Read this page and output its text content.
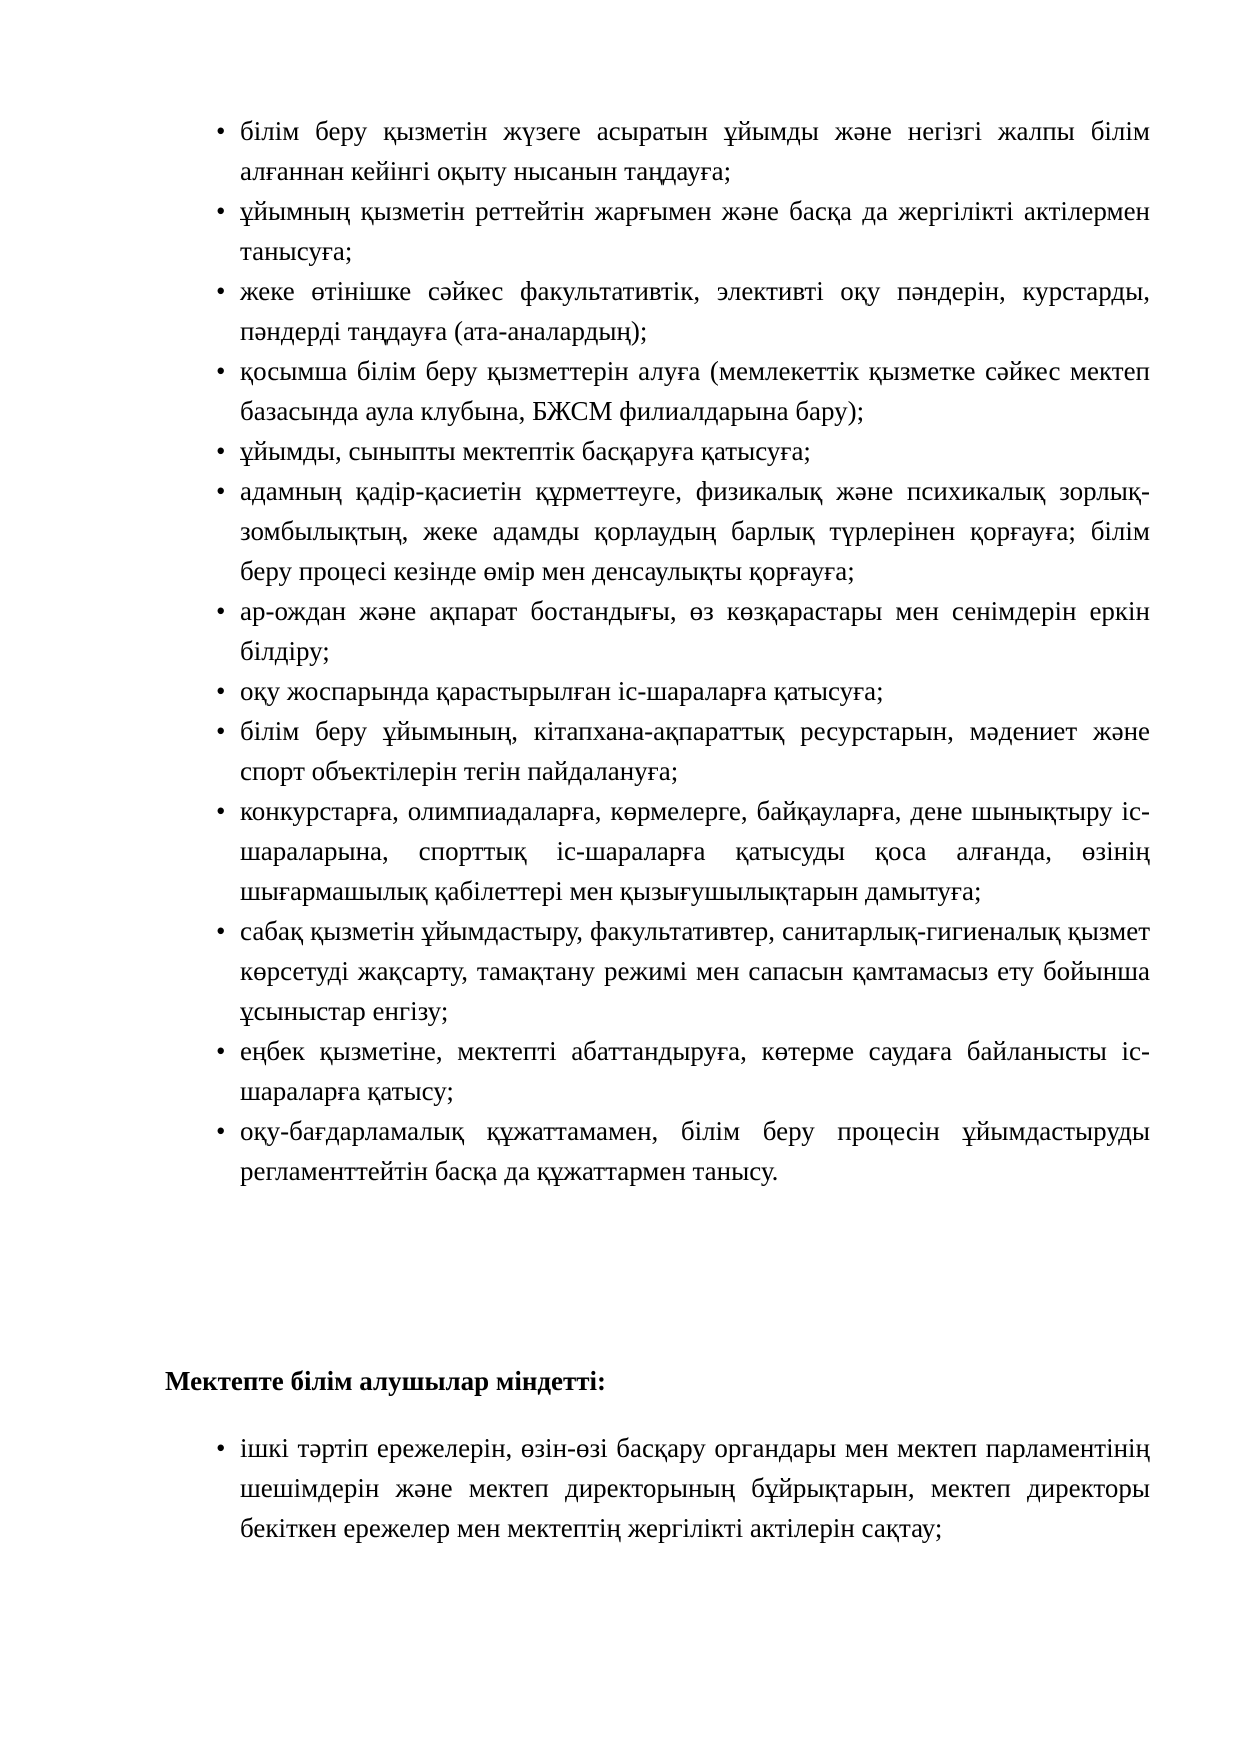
• білім беру қызметін жүзеге асыратын ұйымды және негізгі жалпы білім алғаннан кейінгі оқыту нысанын таңдауға;
• ұйымның қызметін реттейтін жарғымен және басқа да жергілікті актілермен танысуға;
• жеке өтінішке сәйкес факультативтік, элективті оқу пәндерін, курстарды, пәндерді таңдауға (ата-аналардың);
• қосымша білім беру қызметтерін алуға (мемлекеттік қызметке сәйкес мектеп базасында аула клубына, БЖСМ филиалдарына бару);
• ұйымды, сыныпты мектептік басқаруға қатысуға;
• адамның қадір-қасиетін құрметтеуге, физикалық және психикалық зорлық-зомбылықтың, жеке адамды қорлаудың барлық түрлерінен қорғауға; білім беру процесі кезінде өмір мен денсаулықты қорғауға;
• ар-ождан және ақпарат бостандығы, өз көзқарастары мен сенімдерін еркін білдіру;
• оқу жоспарында қарастырылған іс-шараларға қатысуға;
• білім беру ұйымының, кітапхана-ақпараттық ресурстарын, мәдениет және спорт объектілерін тегін пайдалануға;
• конкурстарға, олимпиадаларға, көрмелерге, байқауларға, дене шынықтыру іс-шараларына, спорттық іс-шараларға қатысуды қоса алғанда, өзінің шығармашылық қабілеттері мен қызығушылықтарын дамытуға;
• сабақ қызметін ұйымдастыру, факультативтер, санитарлық-гигиеналық қызмет көрсетуді жақсарту, тамақтану режимі мен сапасын қамтамасыз ету бойынша ұсыныстар енгізу;
• еңбек қызметіне, мектепті абаттандыруға, көтерме саудаға байланысты іс-шараларға қатысу;
• оқу-бағдарламалық құжаттамамен, білім беру процесін ұйымдастыруды регламенттейтін басқа да құжаттармен танысу.
Мектепте білім алушылар міндетті:
• ішкі тәртіп ережелерін, өзін-өзі басқару органдары мен мектеп парламентінің шешімдерін және мектеп директорының бұйрықтарын, мектеп директоры бекіткен ережелер мен мектептің жергілікті актілерін сақтау;
